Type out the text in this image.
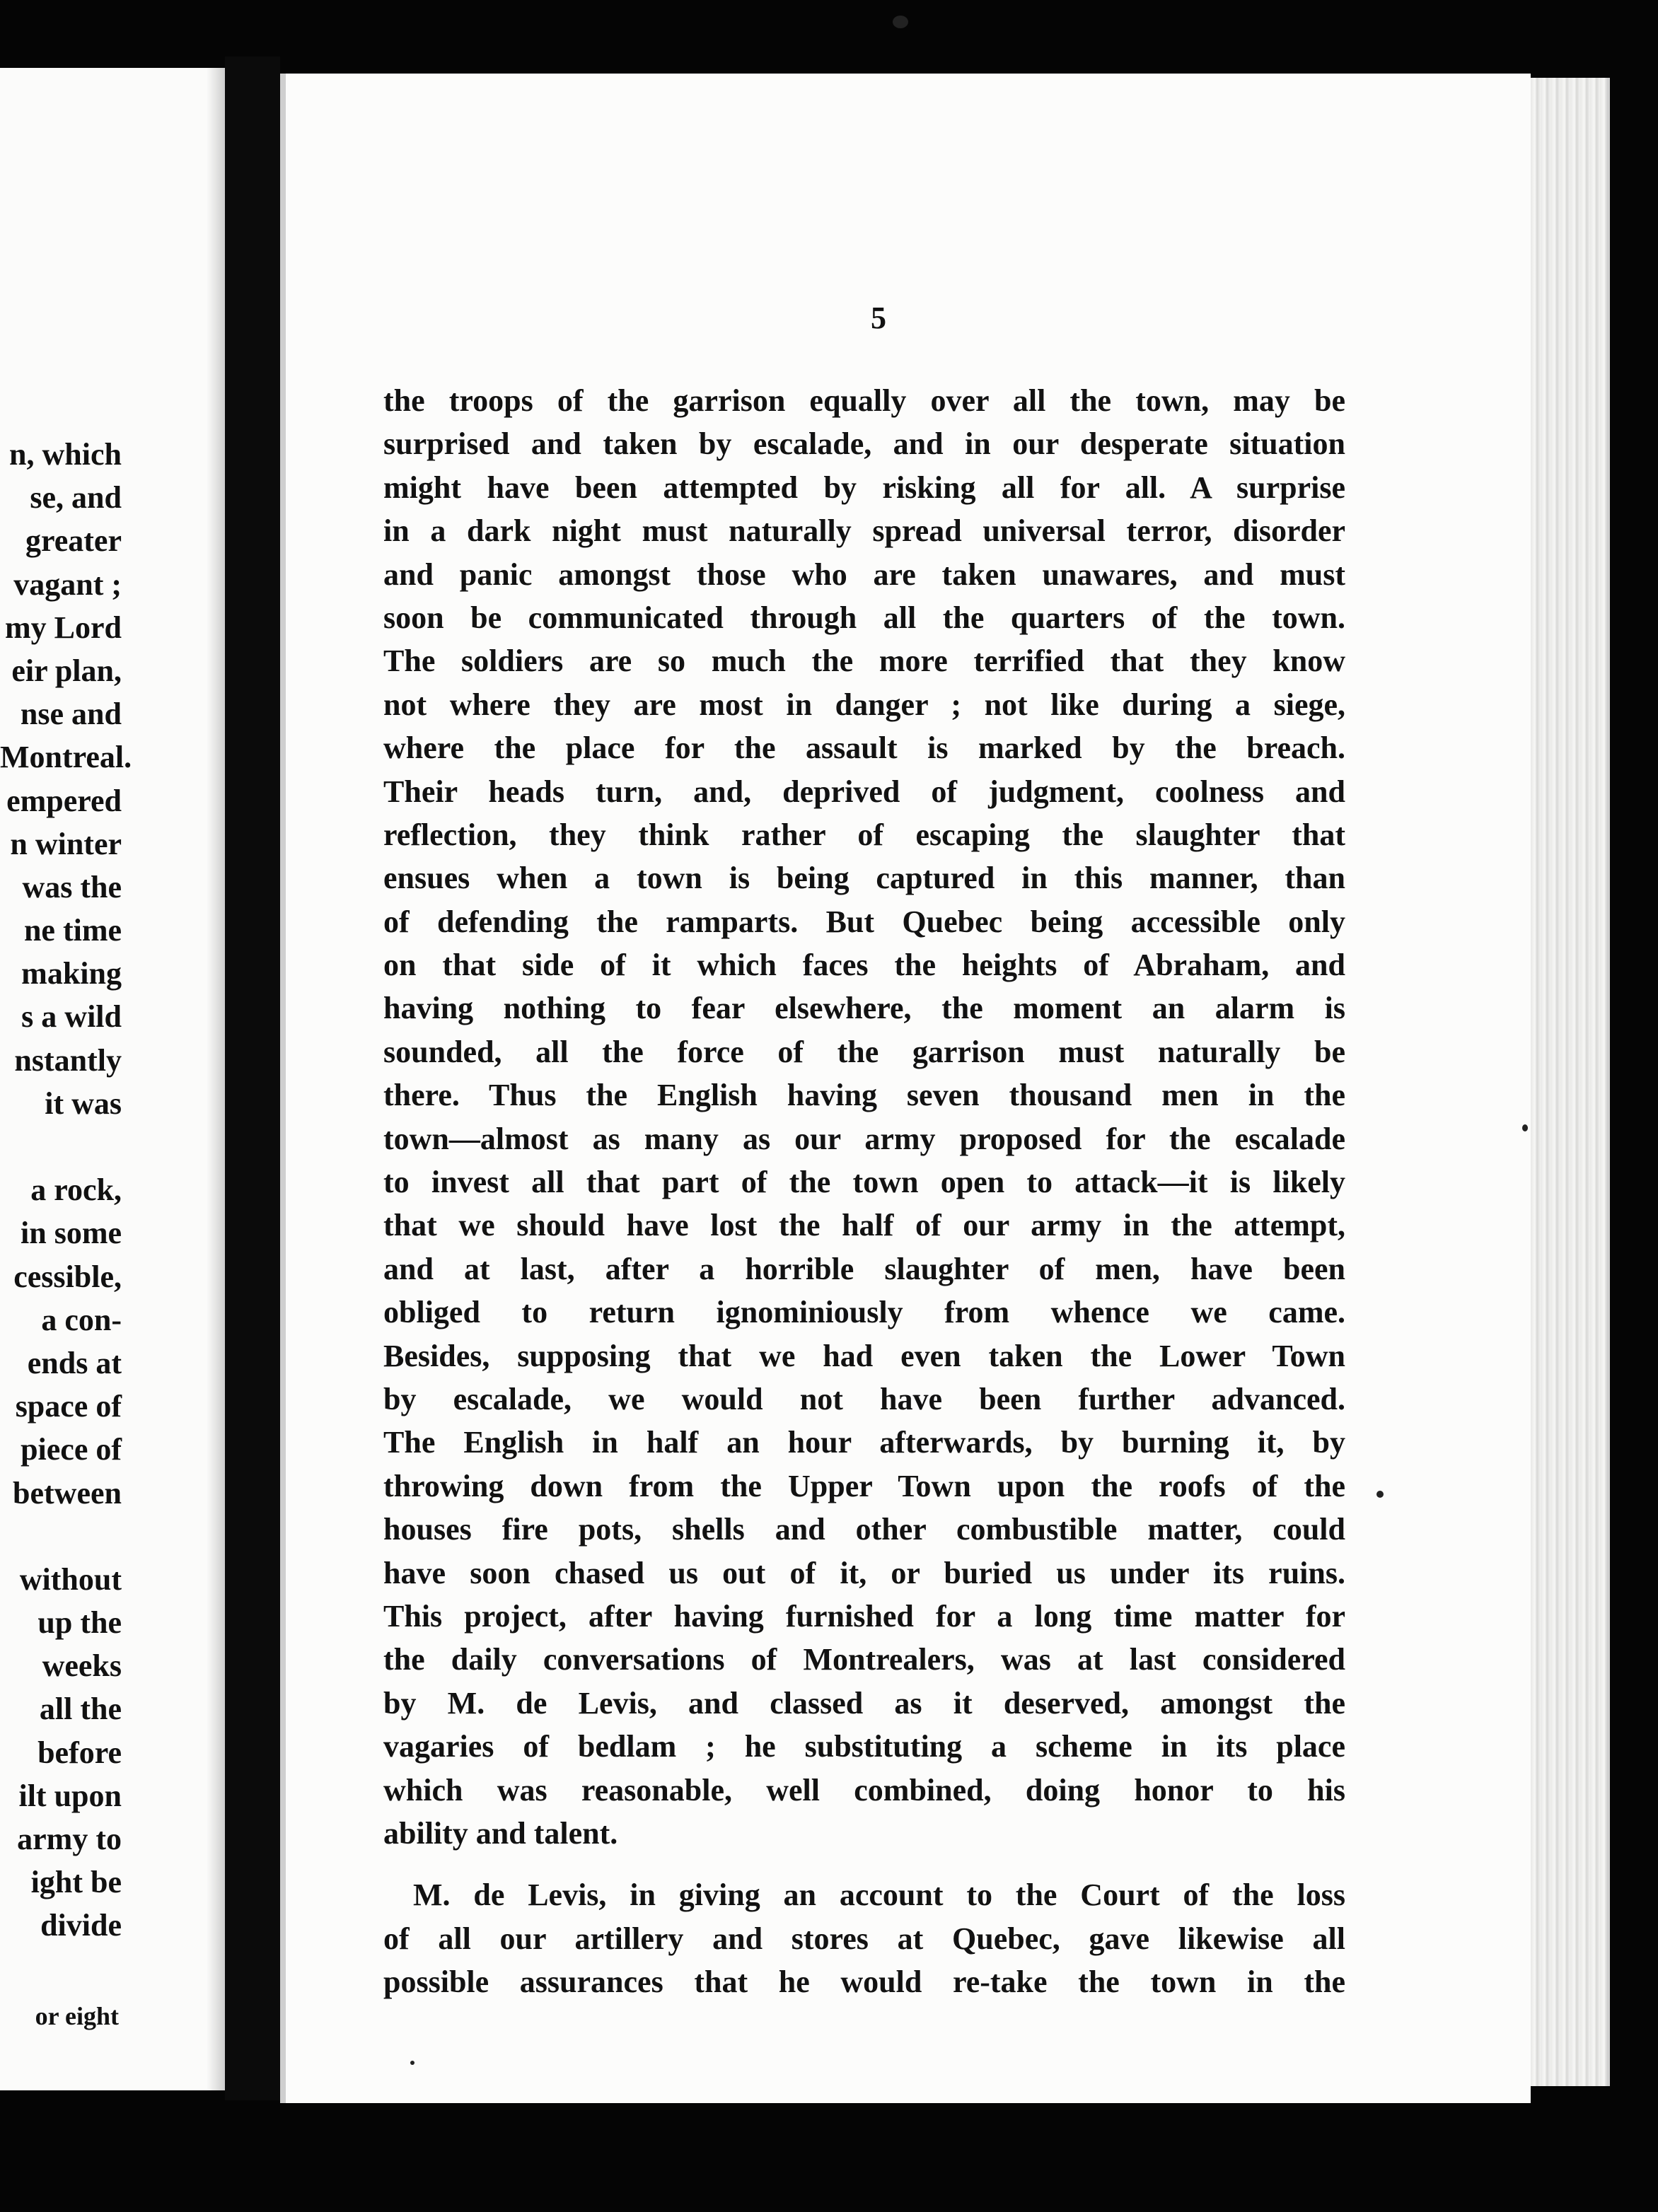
n, which
se, and
greater
vagant ;
my Lord
eir plan,
nse and
Montreal.
empered
n winter
was the
ne time
making
s a wild
nstantly
it was
a rock,
in some
cessible,
a con-
ends at
space of
piece of
between
without
up the
weeks
all the
before
ilt upon
army to
ight be
divide
or eight
5
the troops of the garrison equally over all the town, may be
surprised and taken by escalade, and in our desperate situation
might have been attempted by risking all for all. A surprise
in a dark night must naturally spread universal terror, disorder
and panic amongst those who are taken unawares, and must
soon be communicated through all the quarters of the town.
The soldiers are so much the more terrified that they know
not where they are most in danger ; not like during a siege,
where the place for the assault is marked by the breach.
Their heads turn, and, deprived of judgment, coolness and
reflection, they think rather of escaping the slaughter that
ensues when a town is being captured in this manner, than
of defending the ramparts. But Quebec being accessible only
on that side of it which faces the heights of Abraham, and
having nothing to fear elsewhere, the moment an alarm is
sounded, all the force of the garrison must naturally be
there. Thus the English having seven thousand men in the
town—almost as many as our army proposed for the escalade
to invest all that part of the town open to attack—it is likely
that we should have lost the half of our army in the attempt,
and at last, after a horrible slaughter of men, have been
obliged to return ignominiously from whence we came.
Besides, supposing that we had even taken the Lower Town
by escalade, we would not have been further advanced.
The English in half an hour afterwards, by burning it, by
throwing down from the Upper Town upon the roofs of the
houses fire pots, shells and other combustible matter, could
have soon chased us out of it, or buried us under its ruins.
This project, after having furnished for a long time matter for
the daily conversations of Montrealers, was at last considered
by M. de Levis, and classed as it deserved, amongst the
vagaries of bedlam ; he substituting a scheme in its place
which was reasonable, well combined, doing honor to his
ability and talent.
M. de Levis, in giving an account to the Court of the loss
of all our artillery and stores at Quebec, gave likewise all
possible assurances that he would re-take the town in the
